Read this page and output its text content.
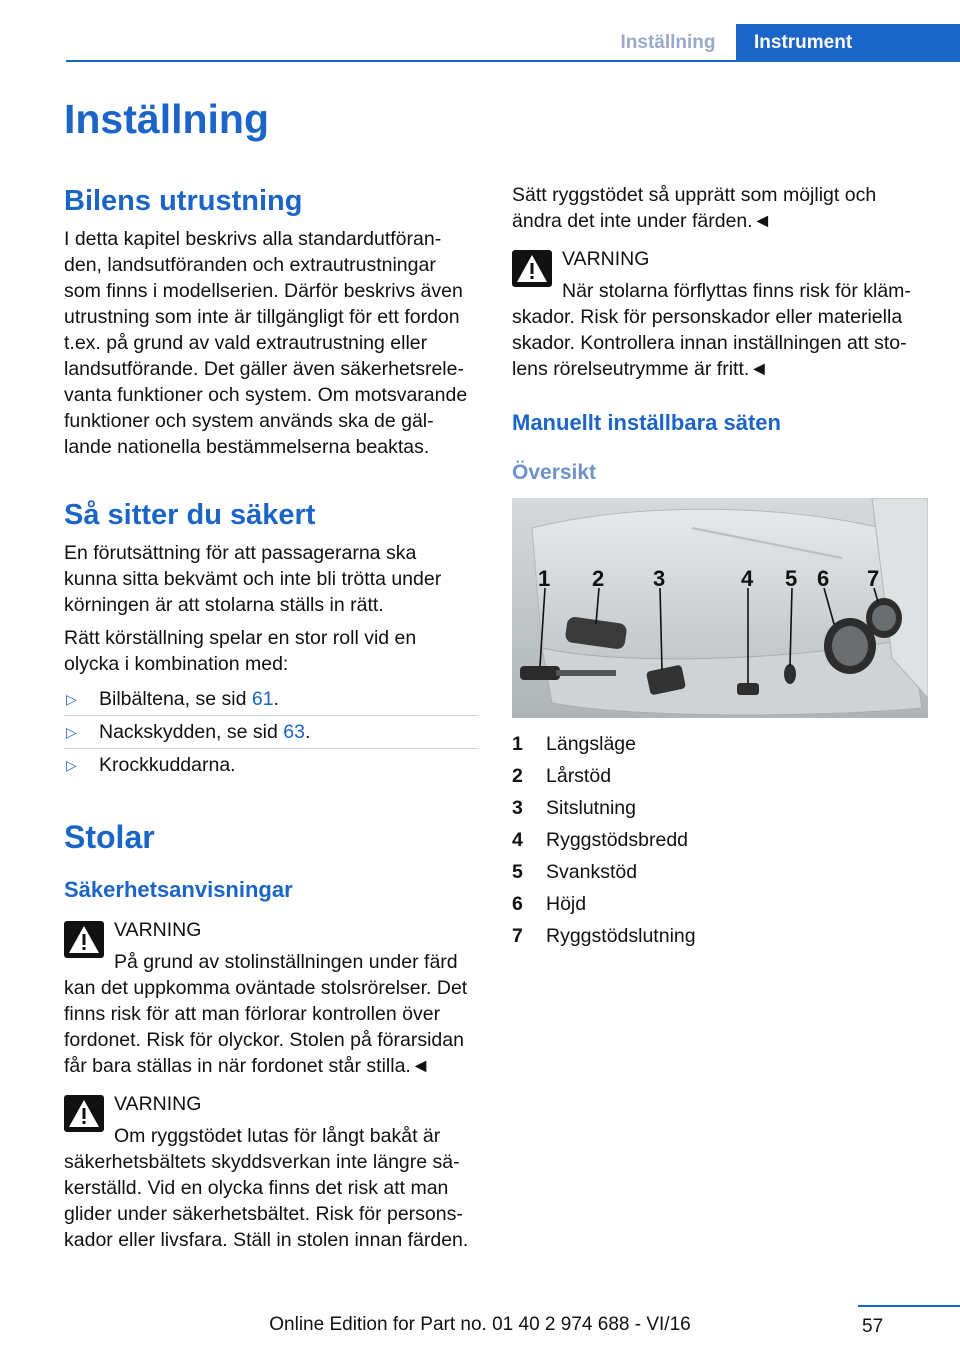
Inställning	Instrument
Inställning
Bilens utrustning

I detta kapitel beskrivs alla standardutföran-
den, landsutföranden och extrautrustningar
som finns i modellserien. Därför beskrivs även
utrustning som inte är tillgängligt för ett fordon
t.ex. på grund av vald extrautrustning eller
landsutförande. Det gäller även säkerhetsrele-
vanta funktioner och system. Om motsvarande
funktioner och system används ska de gäl-
lande nationella bestämmelserna beaktas.

Så sitter du säkert

En förutsättning för att passagerarna ska
kunna sitta bekvämt och inte bli trötta under
körningen är att stolarna ställs in rätt.

Rätt körställning spelar en stor roll vid en
olycka i kombination med:

▷ Bilbältena, se sid 61.
▷ Nackskydden, se sid 63.
▷ Krockkuddarna.
Stolar
Säkerhetsanvisningar

VARNING

På grund av stolinställningen under färd
kan det uppkomma oväntade stolsrörelser. Det
finns risk för att man förlorar kontrollen över
fordonet. Risk för olyckor. Stolen på förarsidan
får bara ställas in när fordonet står stilla.◄

VARNING

Om ryggstödet lutas för långt bakåt är
säkerhetsbältets skyddsverkan inte längre sä-
kerställd. Vid en olycka finns det risk att man
glider under säkerhetsbältet. Risk för persons-
kador eller livsfara. Ställ in stolen innan färden.

Sätt ryggstödet så upprätt som möjligt och
ändra det inte under färden.◄

VARNING

När stolarna förflyttas finns risk för kläm-
skador. Risk för personskador eller materiella
skador. Kontrollera innan inställningen att sto-
lens rörelseutrymme är fritt.◄

Manuellt inställbara säten
Översikt
1 2 3	4 5 6 7
1 Längsläge
2 Lårstöd
3 Sitslutning
4 Ryggstödsbredd
5 Svankstöd
6 Höjd
7 Ryggstödslutning
57
Online Edition for Part no. 01 40 2 974 688 - VI/16
